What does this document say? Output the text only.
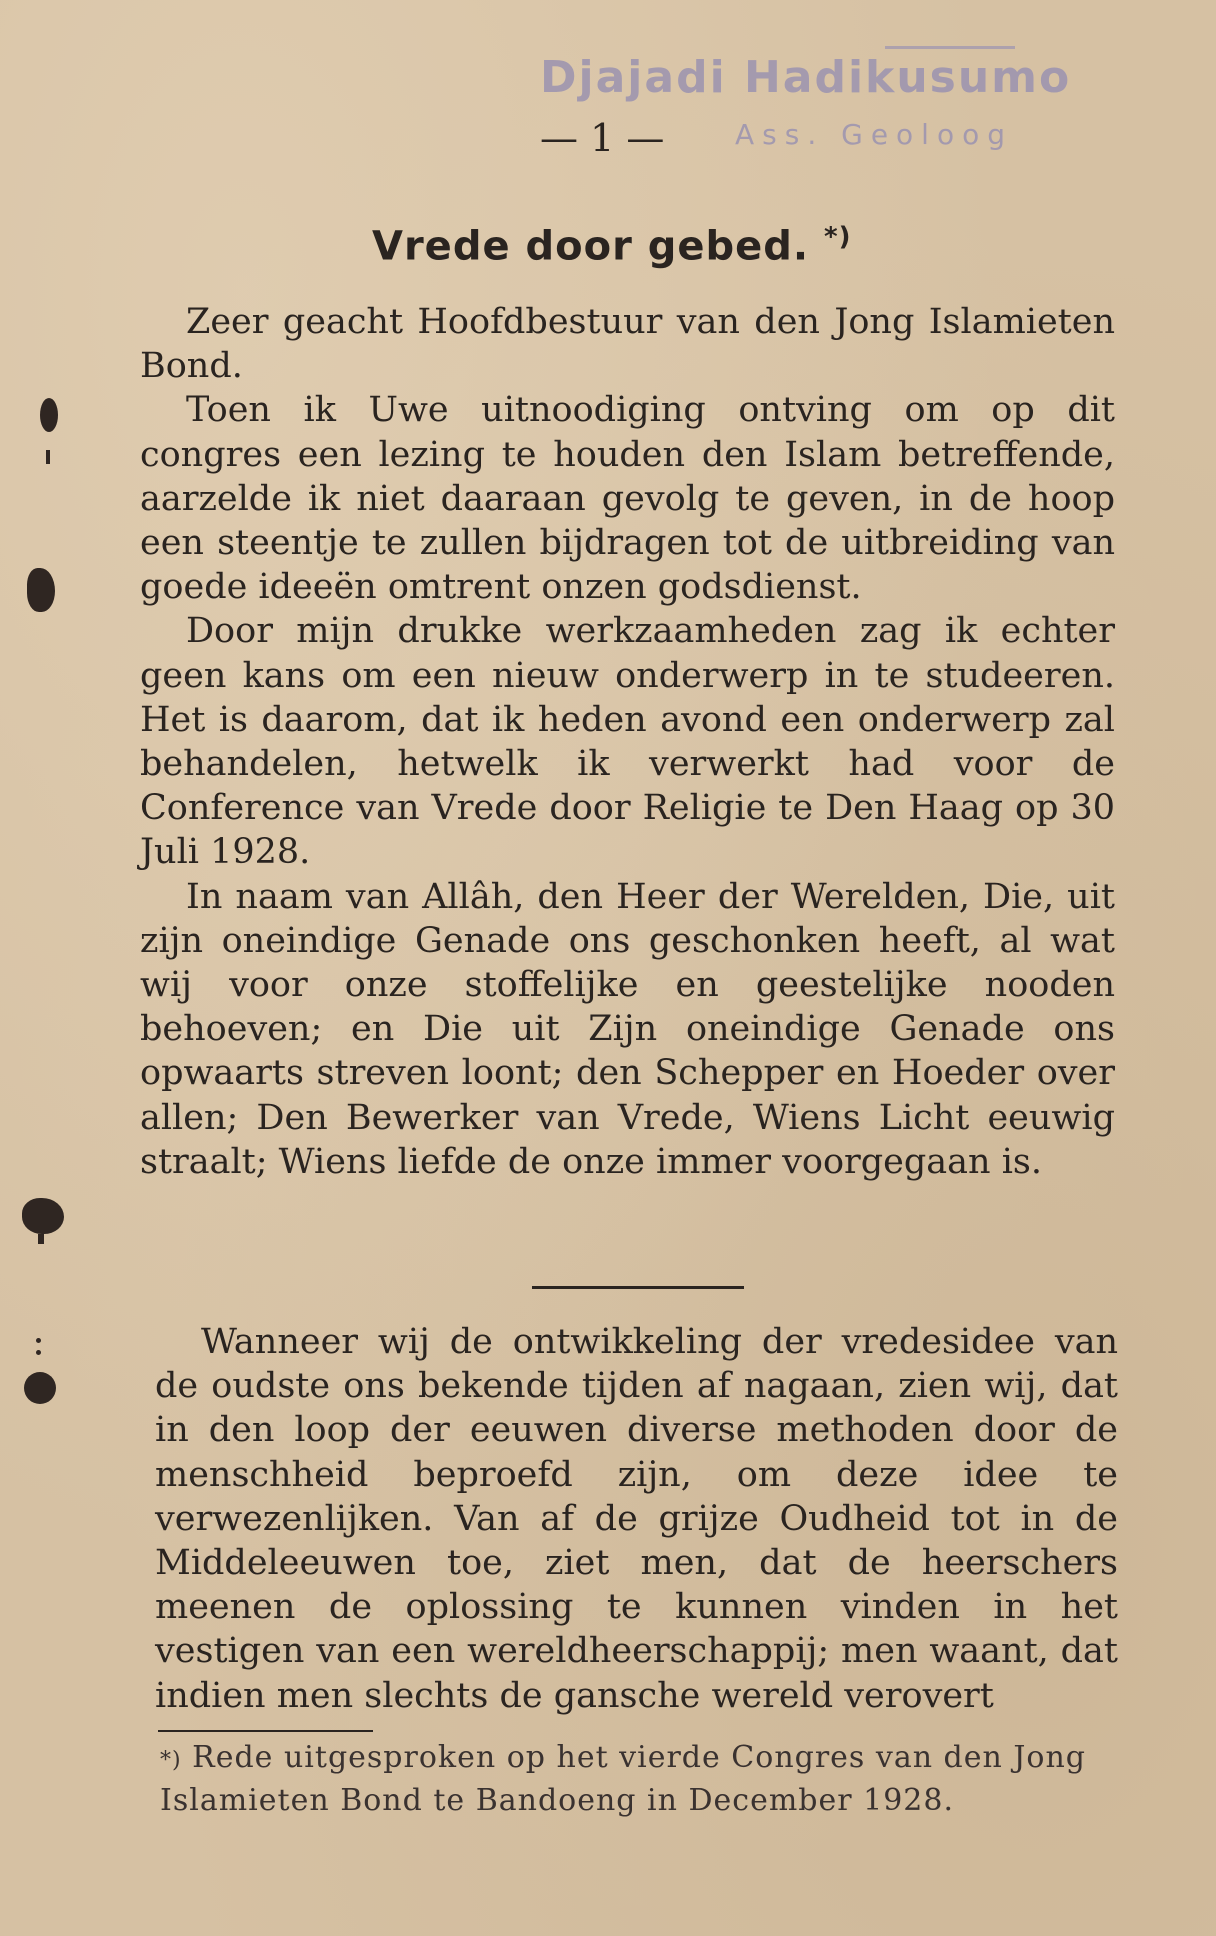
Djajadi Hadikusumo
Ass. Geoloog
— 1 —
Vrede door gebed. *)

Zeer geacht Hoofdbestuur van den Jong Islamieten Bond.

Toen ik Uwe uitnoodiging ontving om op dit congres een lezing te houden den Islam betreffende, aarzelde ik niet daaraan gevolg te geven, in de hoop een steentje te zullen bijdragen tot de uitbreiding van goede ideeën omtrent onzen godsdienst.

Door mijn drukke werkzaamheden zag ik echter geen kans om een nieuw onderwerp in te studeeren. Het is daarom, dat ik heden avond een onderwerp zal behandelen, hetwelk ik verwerkt had voor de Conference van Vrede door Religie te Den Haag op 30 Juli 1928.

In naam van Allâh, den Heer der Werelden, Die, uit zijn oneindige Genade ons geschonken heeft, al wat wij voor onze stoffelijke en geestelijke nooden behoeven; en Die uit Zijn oneindige Genade ons opwaarts streven loont; den Schepper en Hoeder over allen; Den Bewerker van Vrede, Wiens Licht eeuwig straalt; Wiens liefde de onze immer voorgegaan is.

Wanneer wij de ontwikkeling der vredesidee van de oudste ons bekende tijden af nagaan, zien wij, dat in den loop der eeuwen diverse methoden door de menschheid beproefd zijn, om deze idee te verwezenlijken. Van af de grijze Oudheid tot in de Middeleeuwen toe, ziet men, dat de heerschers meenen de oplossing te kunnen vinden in het vestigen van een wereldheerschappij; men waant, dat indien men slechts de gansche wereld verovert

*) Rede uitgesproken op het vierde Congres van den Jong Islamieten Bond te Bandoeng in December 1928.
